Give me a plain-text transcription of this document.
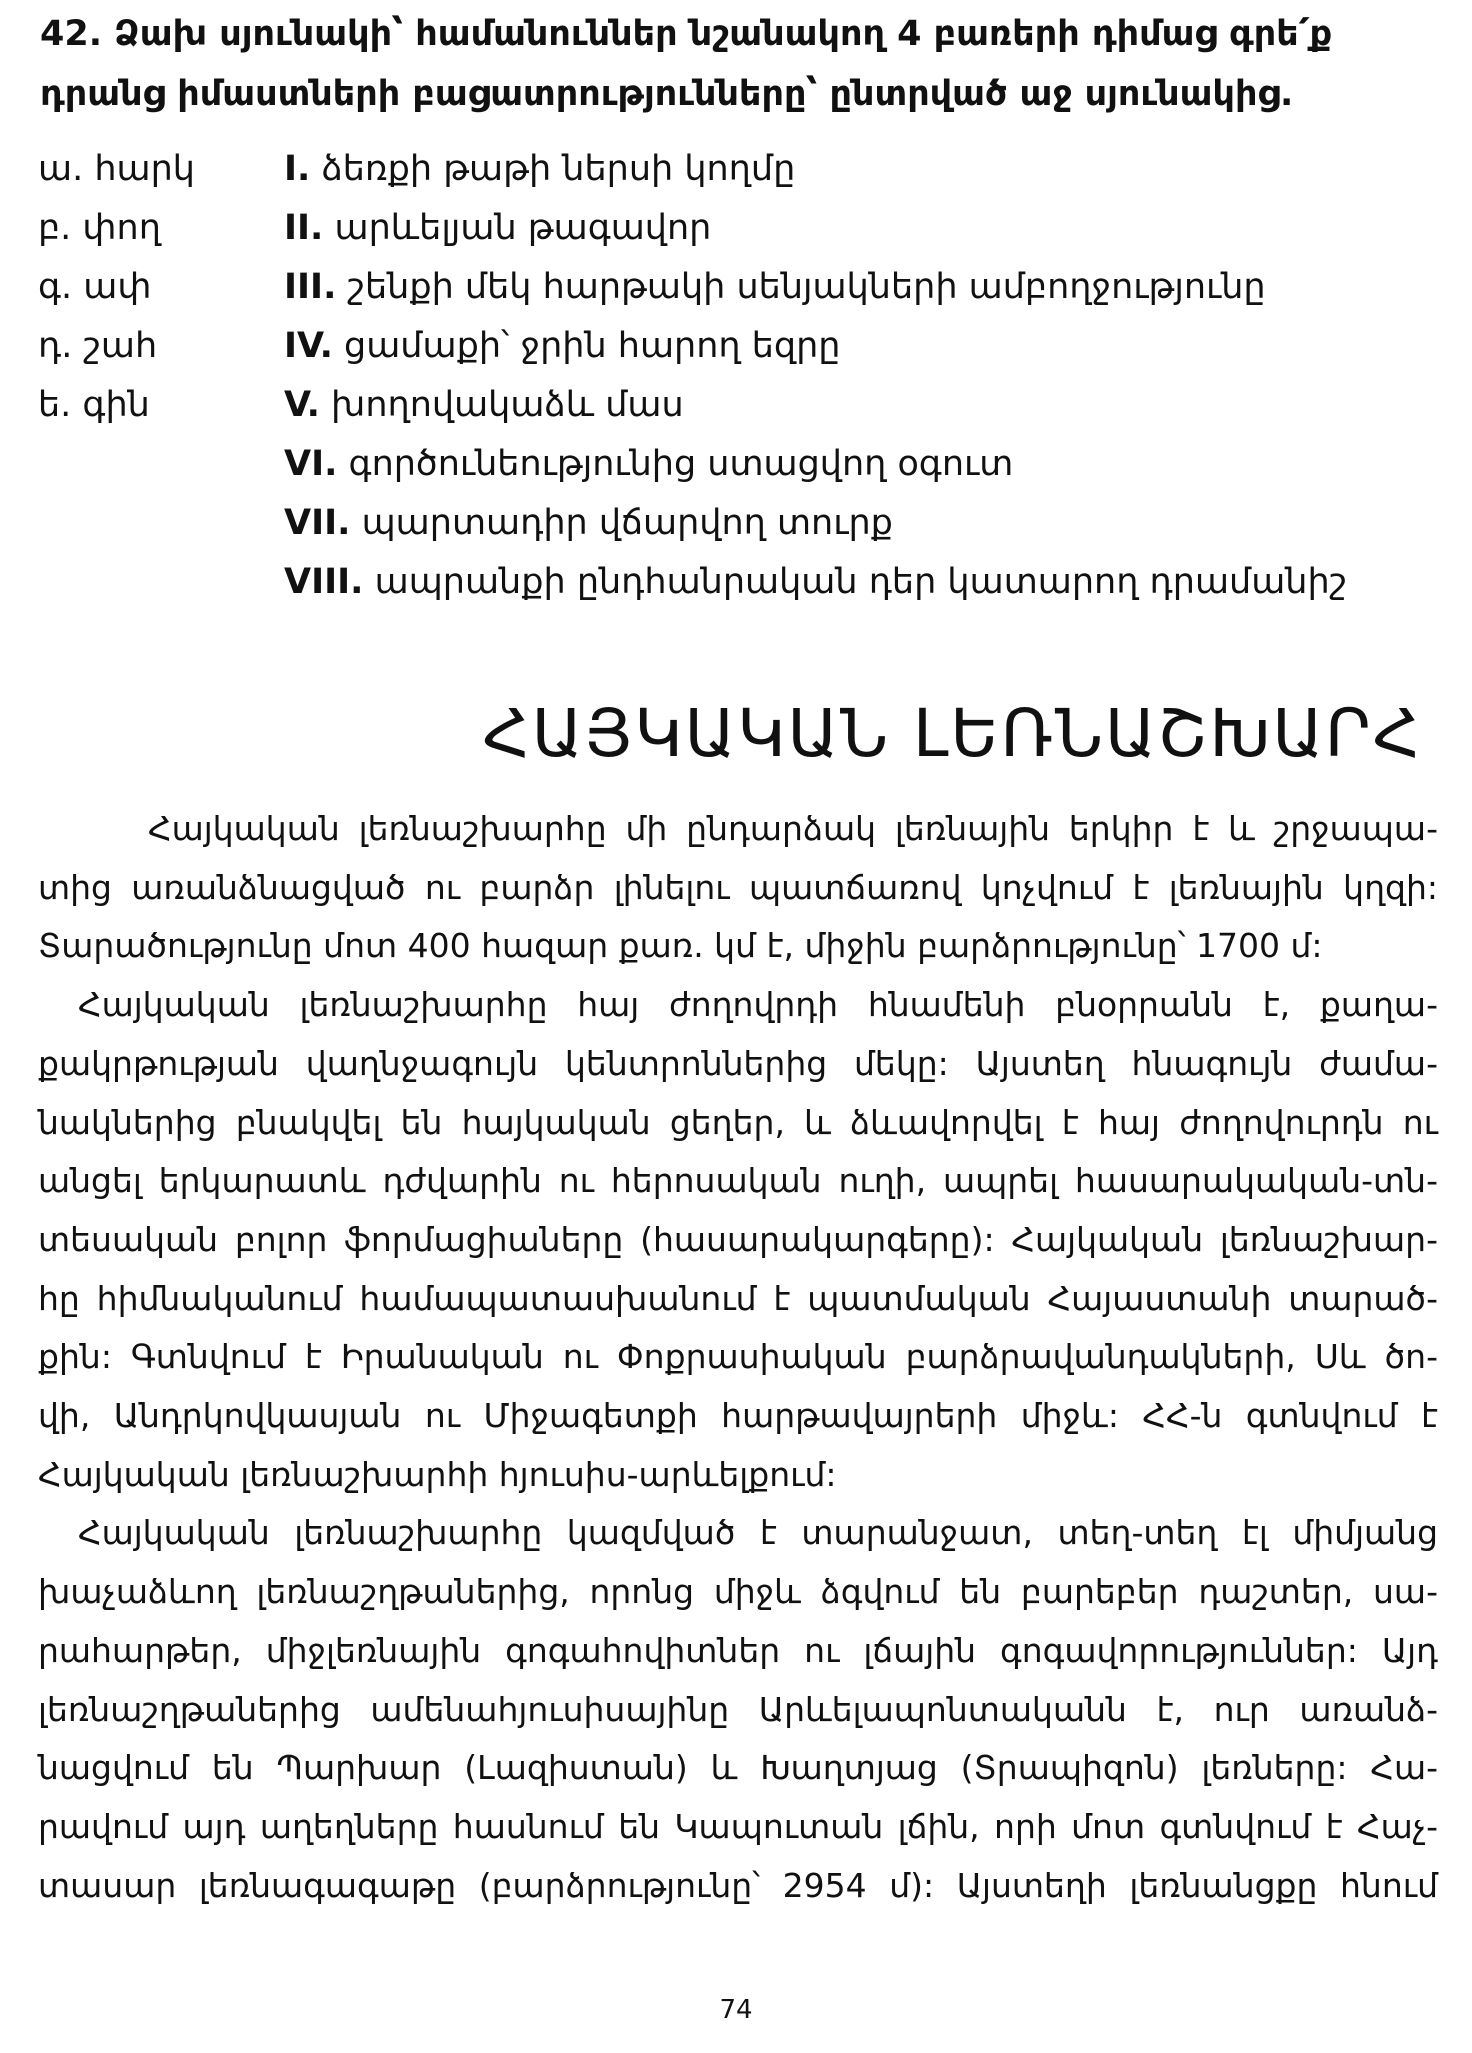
42. Ձախ սյունակի՝ համանուններ նշանակող 4 բառերի դիմաց գրե՛ք
դրանց իմաստների բացատրությունները՝ ընտրված աջ սյունակից.

ա. հարկ	I. ձեռքի թաթի ներսի կողմը
բ. փող	II. արևելյան թագավոր
գ. ափ	III. շենքի մեկ հարթակի սենյակների ամբողջությունը
դ. շահ	IV. ցամաքի՝ ջրին հարող եզրը
ե. գին	V. խողովակաձև մաս
VI. գործունեությունից ստացվող օգուտ
VII. պարտադիր վճարվող տուրք
VIII. ապրանքի ընդհանրական դեր կատարող դրամանիշ
ՀԱՅԿԱԿԱՆ ԼԵՌՆԱՇԽԱՐՀ
Հայկական լեռնաշխարհը մի ընդարձակ լեռնային երկիր է և շրջապա-
տից առանձնացված ու բարձր լինելու պատճառով կոչվում է լեռնային կղզի:
Տարածությունը մոտ 400 հազար քառ. կմ է, միջին բարձրությունը՝ 1700 մ:
Հայկական լեռնաշխարհը հայ ժողովրդի հնամենի բնօրրանն է, քաղա-
քակրթության վաղնջագույն կենտրոններից մեկը: Այստեղ հնագույն ժամա-
նակներից բնակվել են հայկական ցեղեր, և ձևավորվել է հայ ժողովուրդն ու
անցել երկարատև դժվարին ու հերոսական ուղի, ապրել հասարակական-տն-
տեսական բոլոր ֆորմացիաները (հասարակարգերը): Հայկական լեռնաշխար-
հը հիմնականում համապատասխանում է պատմական Հայաստանի տարած-
քին: Գտնվում է Իրանական ու Փոքրասիական բարձրավանդակների, Սև ծո-
վի, Անդրկովկասյան ու Միջագետքի հարթավայրերի միջև: ՀՀ-ն գտնվում է
Հայկական լեռնաշխարհի հյուսիս-արևելքում:
Հայկական լեռնաշխարհը կազմված է տարանջատ, տեղ-տեղ էլ միմյանց
խաչաձևող լեռնաշղթաներից, որոնց միջև ձգվում են բարեբեր դաշտեր, սա-
րահարթեր, միջլեռնային գոգահովիտներ ու լճային գոգավորություններ: Այդ
լեռնաշղթաներից ամենահյուսիսայինը Արևելապոնտականն է, ուր առանձ-
նացվում են Պարխար (Լազիստան) և Խաղտյաց (Տրապիզոն) լեռները: Հա-
րավում այդ աղեղները հասնում են Կապուտան լճին, որի մոտ գտնվում է Հաչ-
տասար լեռնագագաթը (բարձրությունը՝ 2954 մ): Այստեղի լեռնանցքը հնում
74
